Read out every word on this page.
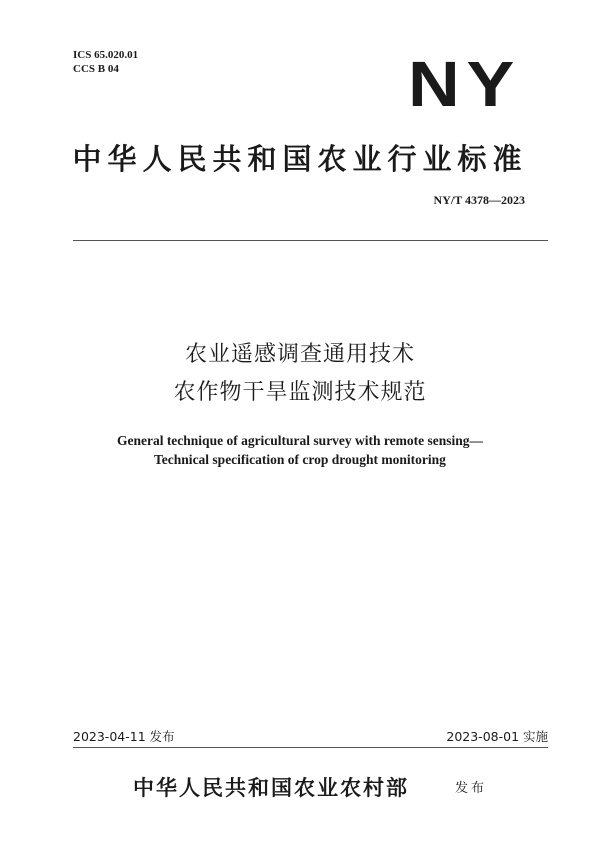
ICS 65.020.01
CCS B 04	NY
中华人民共和国农业行业标准
NY/T 4378—2023
农业遥感调查通用技术
农作物干旱监测技术规范
General technique of agricultural survey with remote sensing—
Technical specification of crop drought monitoring
2023-04-11 发布	2023-08-01 实施
中华人民共和国农业农村部	发布
